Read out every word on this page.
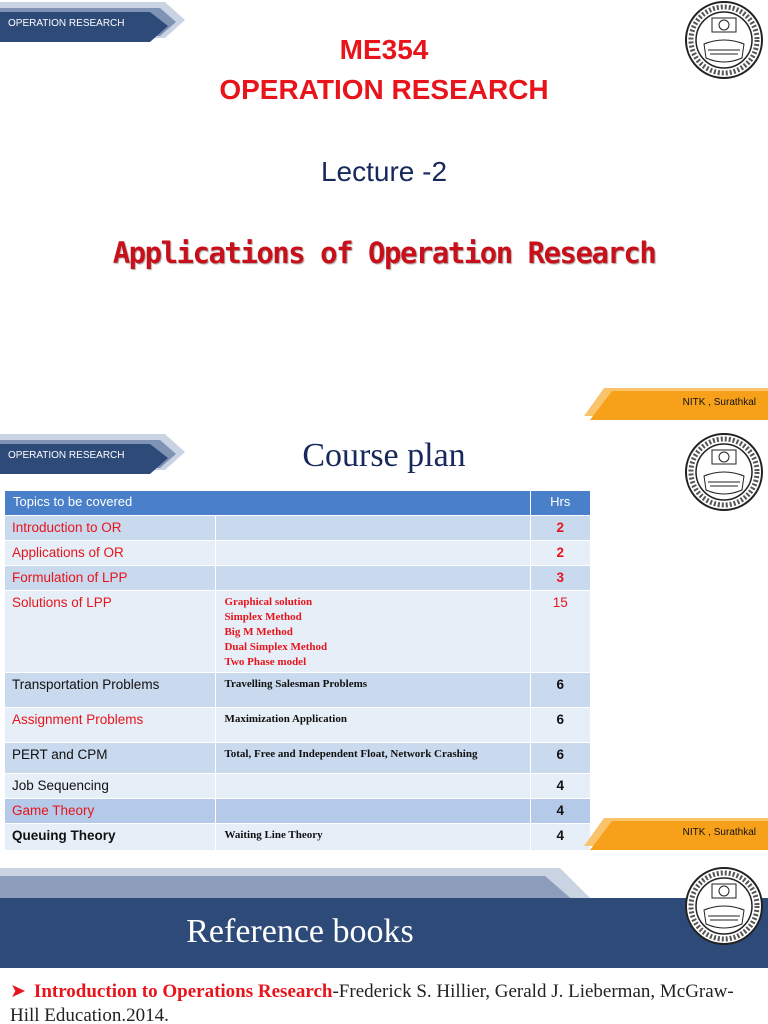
OPERATION RESEARCH
ME354
OPERATION RESEARCH
Lecture -2
Applications of Operation Research
NITK , Surathkal
OPERATION RESEARCH	Course plan
Topics to be covered		Hrs

Introduction to OR		2

Applications of OR		2

Formulation of LPP		3

Solutions of LPP	Graphical solution
Simplex Method
Big M Method
Dual Simplex Method
Two Phase model	15

Transportation Problems	Travelling Salesman Problems	6

Assignment Problems	Maximization Application	6

PERT and CPM	Total, Free and Independent Float, Network Crashing	6

Job Sequencing		4

Game Theory		4

Queuing Theory	Waiting Line Theory	4	NITK , Surathkal
Reference books
➤ Introduction to Operations Research-Frederick S. Hillier, Gerald J. Lieberman, McGraw-Hill Education.2014.
